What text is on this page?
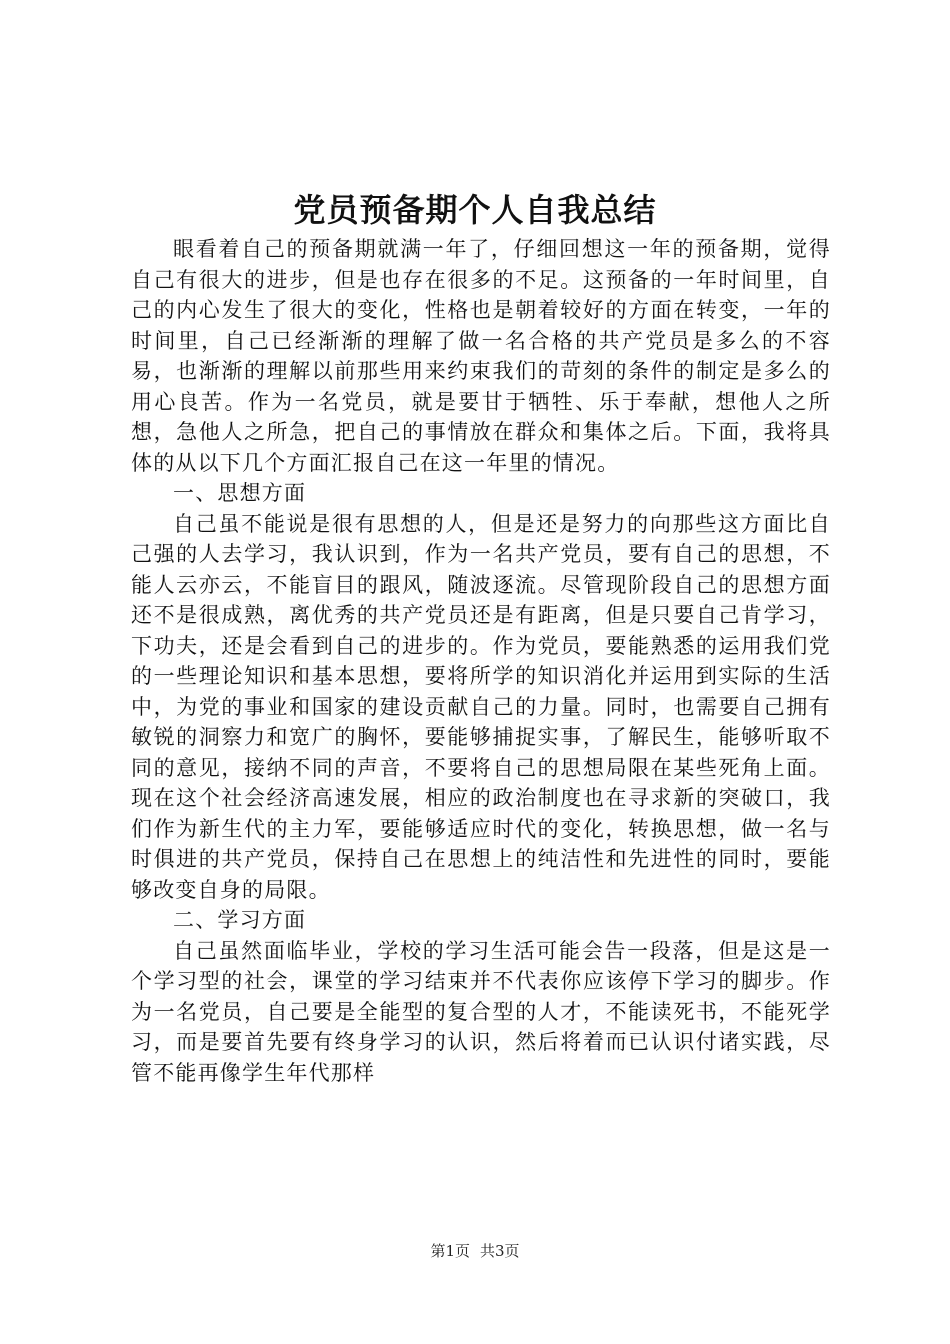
党员预备期个人自我总结

眼看着自己的预备期就满一年了，仔细回想这一年的预备期，觉得自己有很大的进步，但是也存在很多的不足。这预备的一年时间里，自己的内心发生了很大的变化，性格也是朝着较好的方面在转变，一年的时间里，自己已经渐渐的理解了做一名合格的共产党员是多么的不容易，也渐渐的理解以前那些用来约束我们的苛刻的条件的制定是多么的用心良苦。作为一名党员，就是要甘于牺牲、乐于奉献，想他人之所想，急他人之所急，把自己的事情放在群众和集体之后。下面，我将具体的从以下几个方面汇报自己在这一年里的情况。

一、思想方面

自己虽不能说是很有思想的人，但是还是努力的向那些这方面比自己强的人去学习，我认识到，作为一名共产党员，要有自己的思想，不能人云亦云，不能盲目的跟风，随波逐流。尽管现阶段自己的思想方面还不是很成熟，离优秀的共产党员还是有距离，但是只要自己肯学习，下功夫，还是会看到自己的进步的。作为党员，要能熟悉的运用我们党的一些理论知识和基本思想，要将所学的知识消化并运用到实际的生活中，为党的事业和国家的建设贡献自己的力量。同时，也需要自己拥有敏锐的洞察力和宽广的胸怀，要能够捕捉实事，了解民生，能够听取不同的意见，接纳不同的声音，不要将自己的思想局限在某些死角上面。现在这个社会经济高速发展，相应的政治制度也在寻求新的突破口，我们作为新生代的主力军，要能够适应时代的变化，转换思想，做一名与时俱进的共产党员，保持自己在思想上的纯洁性和先进性的同时，要能够改变自身的局限。

二、学习方面

自己虽然面临毕业，学校的学习生活可能会告一段落，但是这是一个学习型的社会，课堂的学习结束并不代表你应该停下学习的脚步。作为一名党员，自己要是全能型的复合型的人才，不能读死书，不能死学习，而是要首先要有终身学习的认识，然后将着而已认识付诸实践，尽管不能再像学生年代那样

第1页 共3页
